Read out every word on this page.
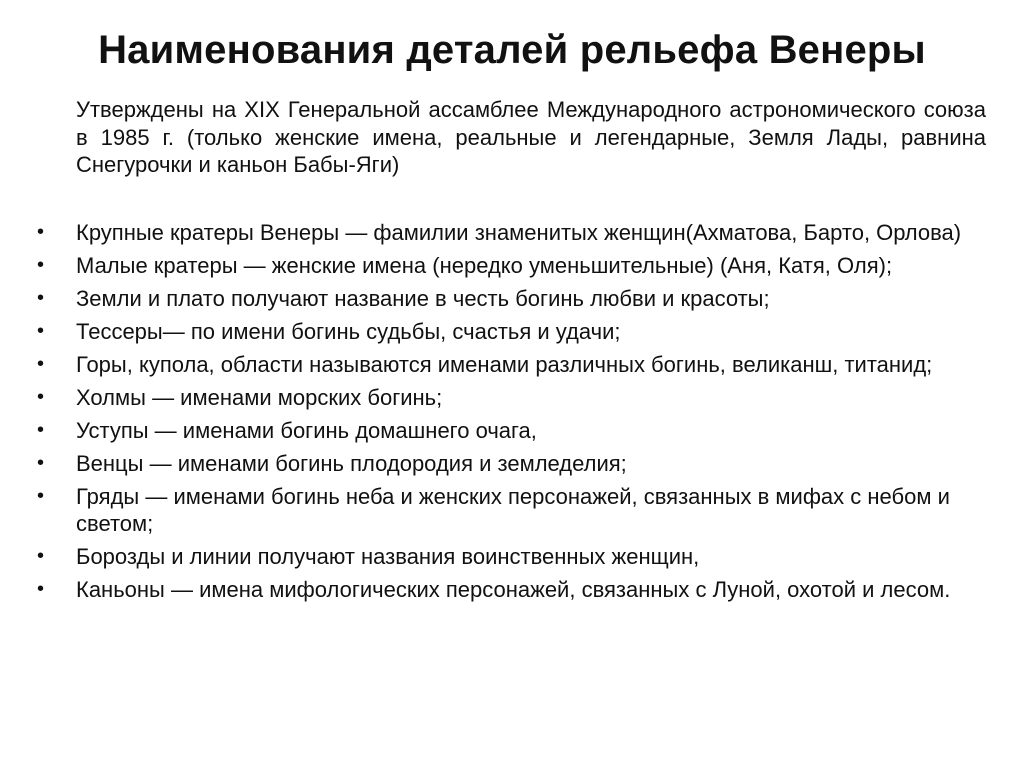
Наименования деталей рельефа Венеры

Утверждены на XIX Генеральной ассамблее Международного астрономического союза в 1985 г. (только женские имена, реальные и легендарные, Земля Лады, равнина Снегурочки и каньон Бабы-Яги)

• Крупные кратеры Венеры — фамилии знаменитых женщин(Ахматова, Барто, Орлова)
• Малые кратеры — женские имена (нередко уменьшительные) (Аня, Катя, Оля);
• Земли и плато получают название в честь богинь любви и красоты;
• Тессеры— по имени богинь судьбы, счастья и удачи;
• Горы, купола, области называются именами различных богинь, великанш, титанид;
• Холмы — именами морских богинь;
• Уступы — именами богинь домашнего очага,
• Венцы — именами богинь плодородия и земледелия;
• Гряды — именами богинь неба и женских персонажей, связанных в мифах с небом и светом;
• Борозды и линии получают названия воинственных женщин,
• Каньоны — имена мифологических персонажей, связанных с Луной, охотой и лесом.
